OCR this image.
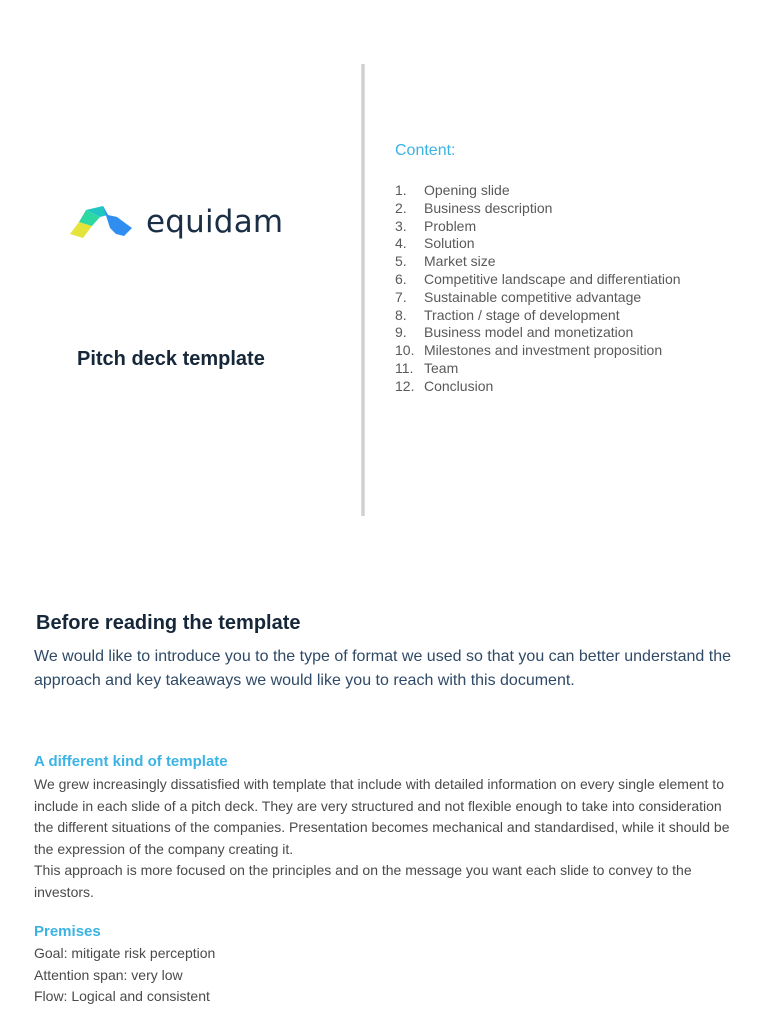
equidam
Pitch deck template
Content:
1.	Opening slide
2.	Business description
3.	Problem
4.	Solution
5.	Market size
6.	Competitive landscape and differentiation
7.	Sustainable competitive advantage
8.	Traction / stage of development
9.	Business model and monetization
10. Milestones and investment proposition
11. Team
12. Conclusion
Before reading the template
We would like to introduce you to the type of format we used so that you can better understand the approach and key takeaways we would like you to reach with this document.
A different kind of template

We grew increasingly dissatisfied with template that include with detailed information on every single element to include in each slide of a pitch deck. They are very structured and not flexible enough to take into consideration the different situations of the companies. Presentation becomes mechanical and standardised, while it should be the expression of the company creating it.

This approach is more focused on the principles and on the message you want each slide to convey to the investors.

Premises

Goal: mitigate risk perception

Attention span: very low

Flow: Logical and consistent
